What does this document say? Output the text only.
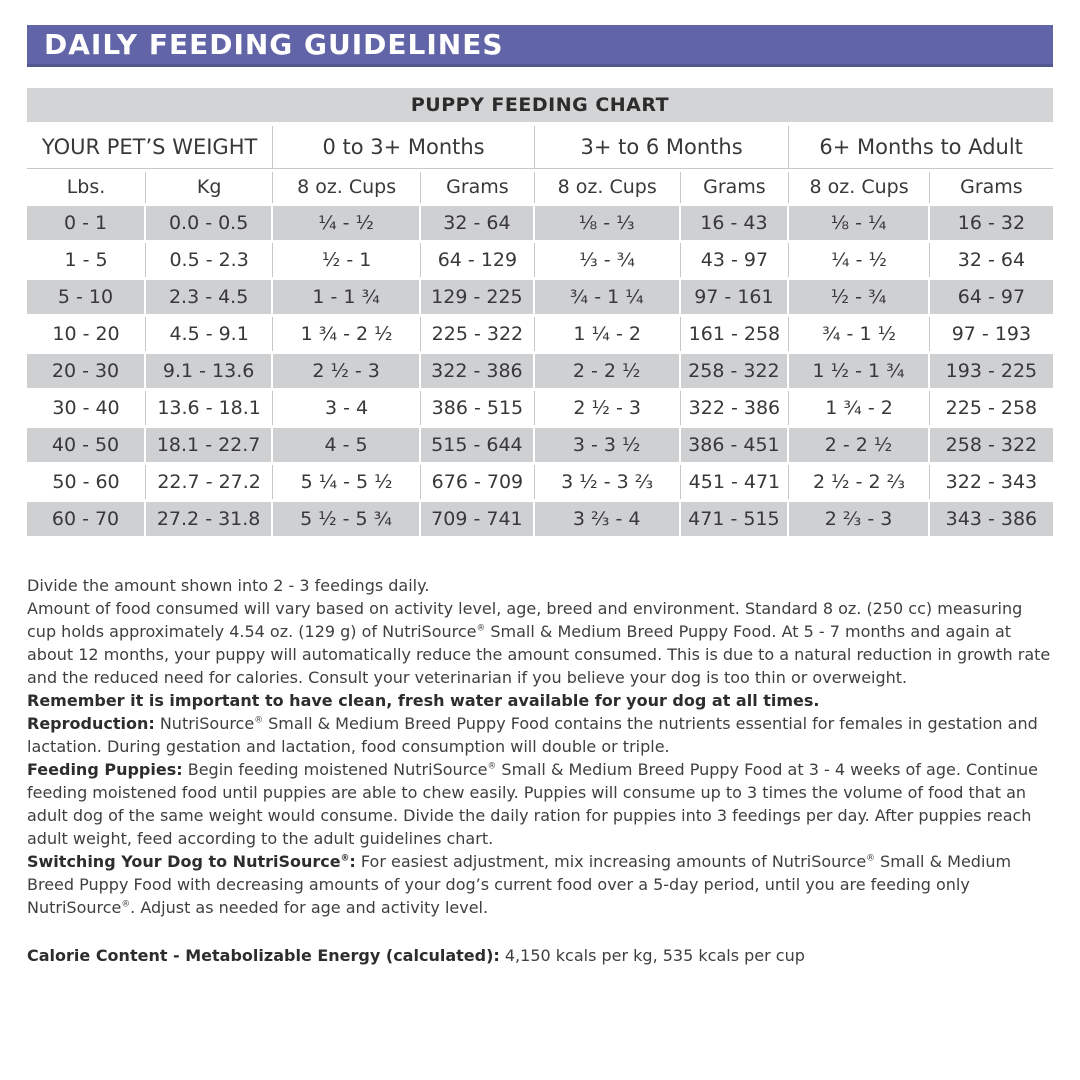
DAILY FEEDING GUIDELINES
PUPPY FEEDING CHART
YOUR PET’S WEIGHT		0 to 3+ Months		3+ to 6 Months		6+ Months to Adult	
Lbs.	Kg	8 oz. Cups	Grams	8 oz. Cups	Grams	8 oz. Cups	Grams
0 - 1	0.0 - 0.5	¼ - ½	32 - 64	⅛ - ⅓	16 - 43	⅛ - ¼	16 - 32
1 - 5	0.5 - 2.3	½ - 1	64 - 129	⅓ - ¾	43 - 97	¼ - ½	32 - 64
5 - 10	2.3 - 4.5	1 - 1 ¾	129 - 225	¾ - 1 ¼	97 - 161	½ - ¾	64 - 97
10 - 20	4.5 - 9.1	1 ¾ - 2 ½	225 - 322	1 ¼ - 2	161 - 258	¾ - 1 ½	97 - 193
20 - 30	9.1 - 13.6	2 ½ - 3	322 - 386	2 - 2 ½	258 - 322	1 ½ - 1 ¾	193 - 225
30 - 40	13.6 - 18.1	3 - 4	386 - 515	2 ½ - 3	322 - 386	1 ¾ - 2	225 - 258
40 - 50	18.1 - 22.7	4 - 5	515 - 644	3 - 3 ½	386 - 451	2 - 2 ½	258 - 322
50 - 60	22.7 - 27.2	5 ¼ - 5 ½	676 - 709	3 ½ - 3 ⅔	451 - 471	2 ½ - 2 ⅔	322 - 343
60 - 70	27.2 - 31.8	5 ½ - 5 ¾	709 - 741	3 ⅔ - 4	471 - 515	2 ⅔ - 3	343 - 386

Divide the amount shown into 2 - 3 feedings daily.

Amount of food consumed will vary based on activity level, age, breed and environment. Standard 8 oz. (250 cc) measuring cup holds approximately 4.54 oz. (129 g) of NutriSource® Small & Medium Breed Puppy Food. At 5 - 7 months and again at about 12 months, your puppy will automatically reduce the amount consumed. This is due to a natural reduction in growth rate and the reduced need for calories. Consult your veterinarian if you believe your dog is too thin or overweight.

Remember it is important to have clean, fresh water available for your dog at all times.

Reproduction: NutriSource® Small & Medium Breed Puppy Food contains the nutrients essential for females in gestation and lactation. During gestation and lactation, food consumption will double or triple.

Feeding Puppies: Begin feeding moistened NutriSource® Small & Medium Breed Puppy Food at 3 - 4 weeks of age. Continue feeding moistened food until puppies are able to chew easily. Puppies will consume up to 3 times the volume of food that an adult dog of the same weight would consume. Divide the daily ration for puppies into 3 feedings per day. After puppies reach adult weight, feed according to the adult guidelines chart.

Switching Your Dog to NutriSource®: For easiest adjustment, mix increasing amounts of NutriSource® Small & Medium Breed Puppy Food with decreasing amounts of your dog’s current food over a 5-day period, until you are feeding only NutriSource®. Adjust as needed for age and activity level.

Calorie Content - Metabolizable Energy (calculated): 4,150 kcals per kg, 535 kcals per cup
